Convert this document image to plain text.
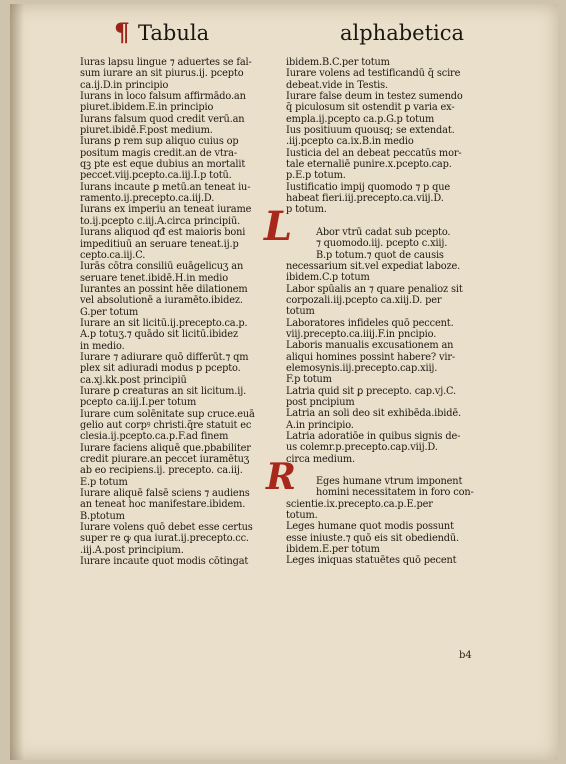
¶ Tabula	alphabetica
Iuras lapsu lingue ⁊ aduertes se fal-
sum iurare an sit piurus.ij. pcepto
ca.ij.D.in principio
Iurans in loco falsum affirmādo.an
piuret.ibidem.E.in principio
Iurans falsum quod credit verū.an
piuret.ibidē.F.post medium.
Iurans ꝑ rem sup aliquo cuius op
positum magis credit.an de vtra-
qꝫ pte est eque dubius an mortalit
peccet.viij.pcepto.ca.iij.I.p totū.
Iurans incaute ꝑ metū.an teneat iu-
ramento.ij.precepto.ca.iij.D.
Iurans ex imperiu an teneat iurame
to.ij.pcepto c.iij.A.circa principiū.
Iurans aliquod qđ est maioris boni
impeditiuū an seruare teneat.ij.p
cepto.ca.iij.C.
Iurās cōtra consiliū euāgelicuʒ an
seruare tenet.ibidē.H.in medio
Iurantes an possint hēe dilationem
vel absolutionē a iuramēto.ibidez.
G.per totum
Iurare an sit licitū.ij.precepto.ca.p.
A.p totuʒ.⁊ quādo sit licitū.ibidez
in medio.
Iurare ⁊ adiurare quō differūt.⁊ qm
plex sit adiuradi modus p pcepto.
ca.xj.kk.post principiū
Iurare ꝑ creaturas an sit licitum.ij.
pcepto ca.iij.I.per totum
Iurare cum solēnitate sup cruce.euā
gelio aut corpꝰ christi.q̄re statuit ec
clesia.ij.pcepto.ca.p.F.ad finem
Iurare faciens aliquē que.pbabiliter
credit piurare.an peccet iuramētuʒ
ab eo recipiens.ij. precepto. ca.iij.
E.p totum
Iurare aliquē falsē sciens ⁊ audiens
an teneat hoc manifestare.ibidem.
B.ptotum
Iurare volens quō debet esse certus
super re ꝙ qua iurat.ij.precepto.cc.
.iij.A.post principium.
Iurare incaute quot modis cōtingat
ibidem.B.C.per totum
Iurare volens ad testificandū q̄ scire
debeat.vide in Testis.
Iurare false deum in testez sumendo
q̄ piculosum sit ostendit ꝑ varia ex-
empla.ij.pcepto ca.p.G.p totum
Ius positiuum quousq; se extendat.
.iij.pcepto ca.ix.B.in medio
Iusticia del an debeat peccatūs mor-
tale eternaliē punire.x.pcepto.cap.
p.E.p totum.
Iustificatio impij quomodo ⁊ p que
habeat fieri.iij.precepto.ca.viij.D.
p totum.
L	Abor vtrū cadat sub pcepto.
⁊ quomodo.iij. pcepto c.xiij.
B.p totum.⁊ quot de causis
necessarium sit.vel expediat laboze.
ibidem.C.p totum
Labor spūalis an ⁊ quare penalioz sit
corpozali.iij.pcepto ca.xiij.D. per
totum
Laboratores infideles quō peccent.
viij.precepto.ca.iiij.F.in pncipio.
Laboris manualis excusationem an
aliqui homines possint habere? vir-
elemosynis.iij.precepto.cap.xiij.
F.p totum
Latria quid sit ꝑ precepto. cap.vj.C.
post pncipium
Latria an soli deo sit exhibēda.ibidē.
A.in principio.
Latria adoratiōe in quibus signis de-
us colemr.p.precepto.cap.viij.D.
circa medium.
R	Eges humane vtrum imponent
homini necessitatem in foro con-
scientie.ix.precepto.ca.p.E.per
totum.
Leges humane quot modis possunt
esse iniuste.⁊ quō eis sit obediendū.
ibidem.E.per totum
Leges iniquas statuētes quō pecent
b4
